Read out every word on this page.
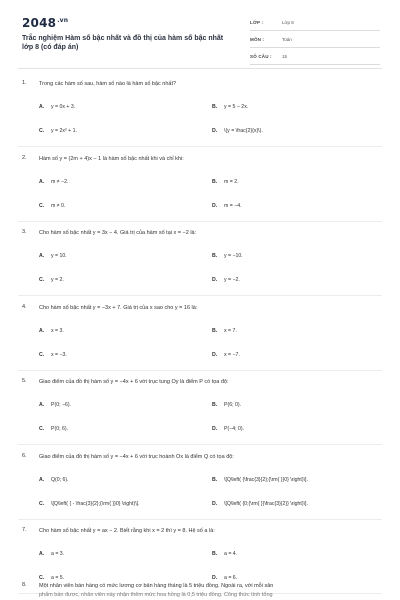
$2048^{.vn}$
Trắc nghiệm Hàm số bậc nhất và đồ thị của hàm số bậc nhất lớp 8 (có đáp án)
LỚP :	Lớp 8
MÔN :	Toán
SỐ CÂU :	15
1. Trong các hàm số sau, hàm số nào là hàm số bậc nhất?
A. y = 0x + 3.	B. y = 5 − 2x.
C. y = 2x² + 1.	D. \(y = \frac{2}{x}\).
2. Hàm số y = (2m + 4)x − 1 là hàm số bậc nhất khi và chỉ khi:
A. m ≠ −2.	B. m = 2.
C. m ≠ 0.	D. m = −4.
3. Cho hàm số bậc nhất y = 3x − 4. Giá trị của hàm số tại x = −2 là:
A. y = 10.	B. y = −10.
C. y = 2.	D. y = −2.
4. Cho hàm số bậc nhất y = −3x + 7. Giá trị của x sao cho y = 16 là:
A. x = 3.	B. x = 7.
C. x = −3.	D. x = −7.
5. Giao điểm của đồ thị hàm số y = −4x + 6 với trục tung Oy là điểm P có tọa độ:
A. P(0; −6).	B. P(6; 0).
C. P(0; 6).	D. P(−4; 0).
6. Giao điểm của đồ thị hàm số y = −4x + 6 với trục hoành Ox là điểm Q có tọa độ:
A. Q(0; 6).	B. \[Q\left( {\frac{3}{2};{\rm{ }}0} \right)\].
C. \[Q\left( { - \frac{3}{2};{\rm{ }}0} \right)\].	D. \[Q\left( {0;{\rm{ }}\frac{3}{2}} \right)\].
7. Cho hàm số bậc nhất y = ax − 2. Biết rằng khi x = 2 thì y = 8. Hệ số a là:
A. a = 3.	B. a = 4.
C. a = 5.	D. a = 6.
8. Một nhân viên bán hàng có mức lương cơ bản hàng tháng là 5 triệu đồng. Ngoài ra, với mỗi sản
phẩm bán được, nhân viên này nhận thêm mức hoa hồng là 0,5 triệu đồng. Công thức tính tổng
